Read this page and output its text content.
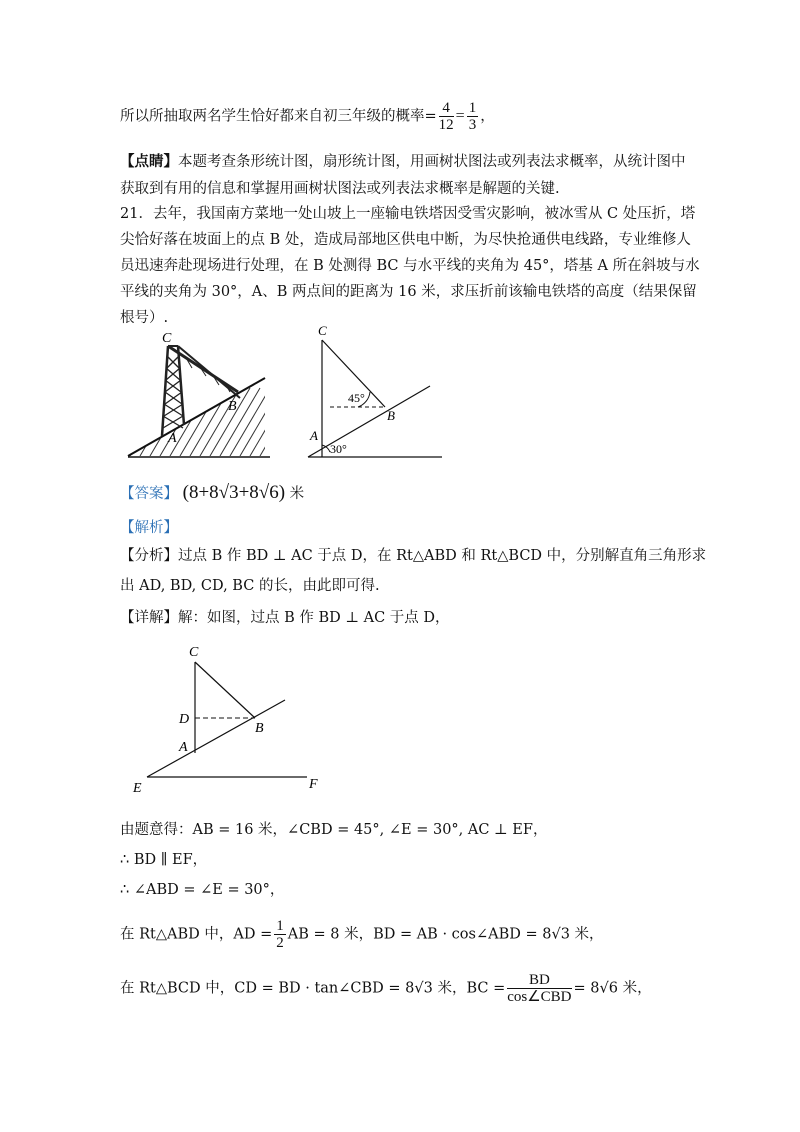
所以所抽取两名学生恰好都来自初三年级的概率= $\frac{4}{12} = \frac{1}{3}$ ，
【点睛】本题考查条形统计图，扇形统计图，用画树状图法或列表法求概率，从统计图中
获取到有用的信息和掌握用画树状图法或列表法求概率是解题的关键.
21．去年，我国南方菜地一处山坡上一座输电铁塔因受雪灾影响，被冰雪从 C 处压折，塔
尖恰好落在坡面上的点 B 处，造成局部地区供电中断，为尽快抢通供电线路，专业维修人
员迅速奔赴现场进行处理，在 B 处测得 BC 与水平线的夹角为 45°，塔基 A 所在斜坡与水
平线的夹角为 30°，A、B 两点间的距离为 16 米，求压折前该输电铁塔的高度（结果保留
根号）.
C
B
A
C
B
A
45°
30°
【答案】 (8+8√3+8√6) 米
【解析】
【分析】过点 B 作 BD ⊥ AC 于点 D，在 Rt△ABD 和 Rt△BCD 中，分别解直角三角形求
出 AD, BD, CD, BC 的长，由此即可得.
【详解】解：如图，过点 B 作 BD ⊥ AC 于点 D，
C
D
A
B
E	F
由题意得：AB = 16 米，∠CBD = 45°, ∠E = 30°, AC ⊥ EF，
∴ BD ∥ EF，
∴ ∠ABD = ∠E = 30°，
在 Rt△ABD 中，AD = $\frac{1}{2}$ AB = 8 米，BD = AB · cos∠ABD = 8√3 米，
在 Rt△BCD 中，CD = BD · tan∠CBD = 8√3 米，BC = $\frac{BD}{\text{cos∠CBD}} = 8√6$ 米，
